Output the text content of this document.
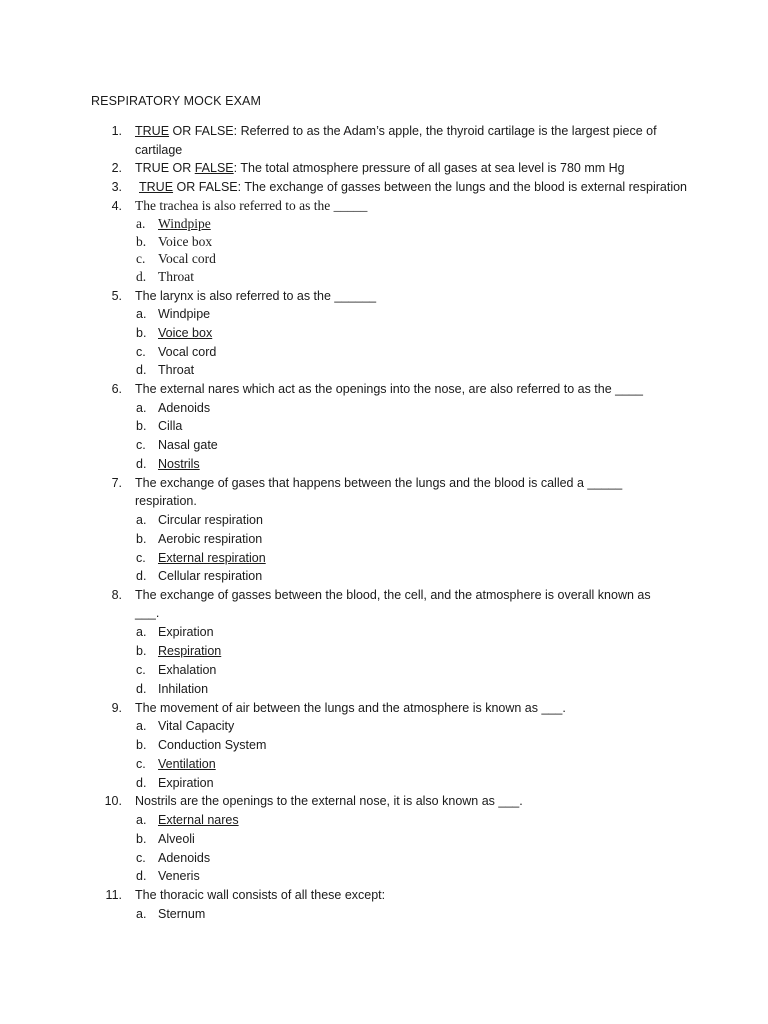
RESPIRATORY MOCK EXAM
1. TRUE OR FALSE: Referred to as the Adam’s apple, the thyroid cartilage is the largest piece of
cartilage
2. TRUE OR FALSE: The total atmosphere pressure of all gases at sea level is 780 mm Hg
3. TRUE OR FALSE: The exchange of gasses between the lungs and the blood is external respiration
4. The trachea is also referred to as the _____
a. Windpipe
b. Voice box
c. Vocal cord
d. Throat
5. The larynx is also referred to as the ______
a. Windpipe
b. Voice box
c. Vocal cord
d. Throat
6. The external nares which act as the openings into the nose, are also referred to as the ____
a. Adenoids
b. Cilla
c. Nasal gate
d. Nostrils
7. The exchange of gases that happens between the lungs and the blood is called a _____
respiration.
a. Circular respiration
b. Aerobic respiration
c. External respiration
d. Cellular respiration
8. The exchange of gasses between the blood, the cell, and the atmosphere is overall known as
___.
a. Expiration
b. Respiration
c. Exhalation
d. Inhilation
9. The movement of air between the lungs and the atmosphere is known as ___.
a. Vital Capacity
b. Conduction System
c. Ventilation
d. Expiration
10. Nostrils are the openings to the external nose, it is also known as ___.
a. External nares
b. Alveoli
c. Adenoids
d. Veneris
11. The thoracic wall consists of all these except:
a. Sternum
